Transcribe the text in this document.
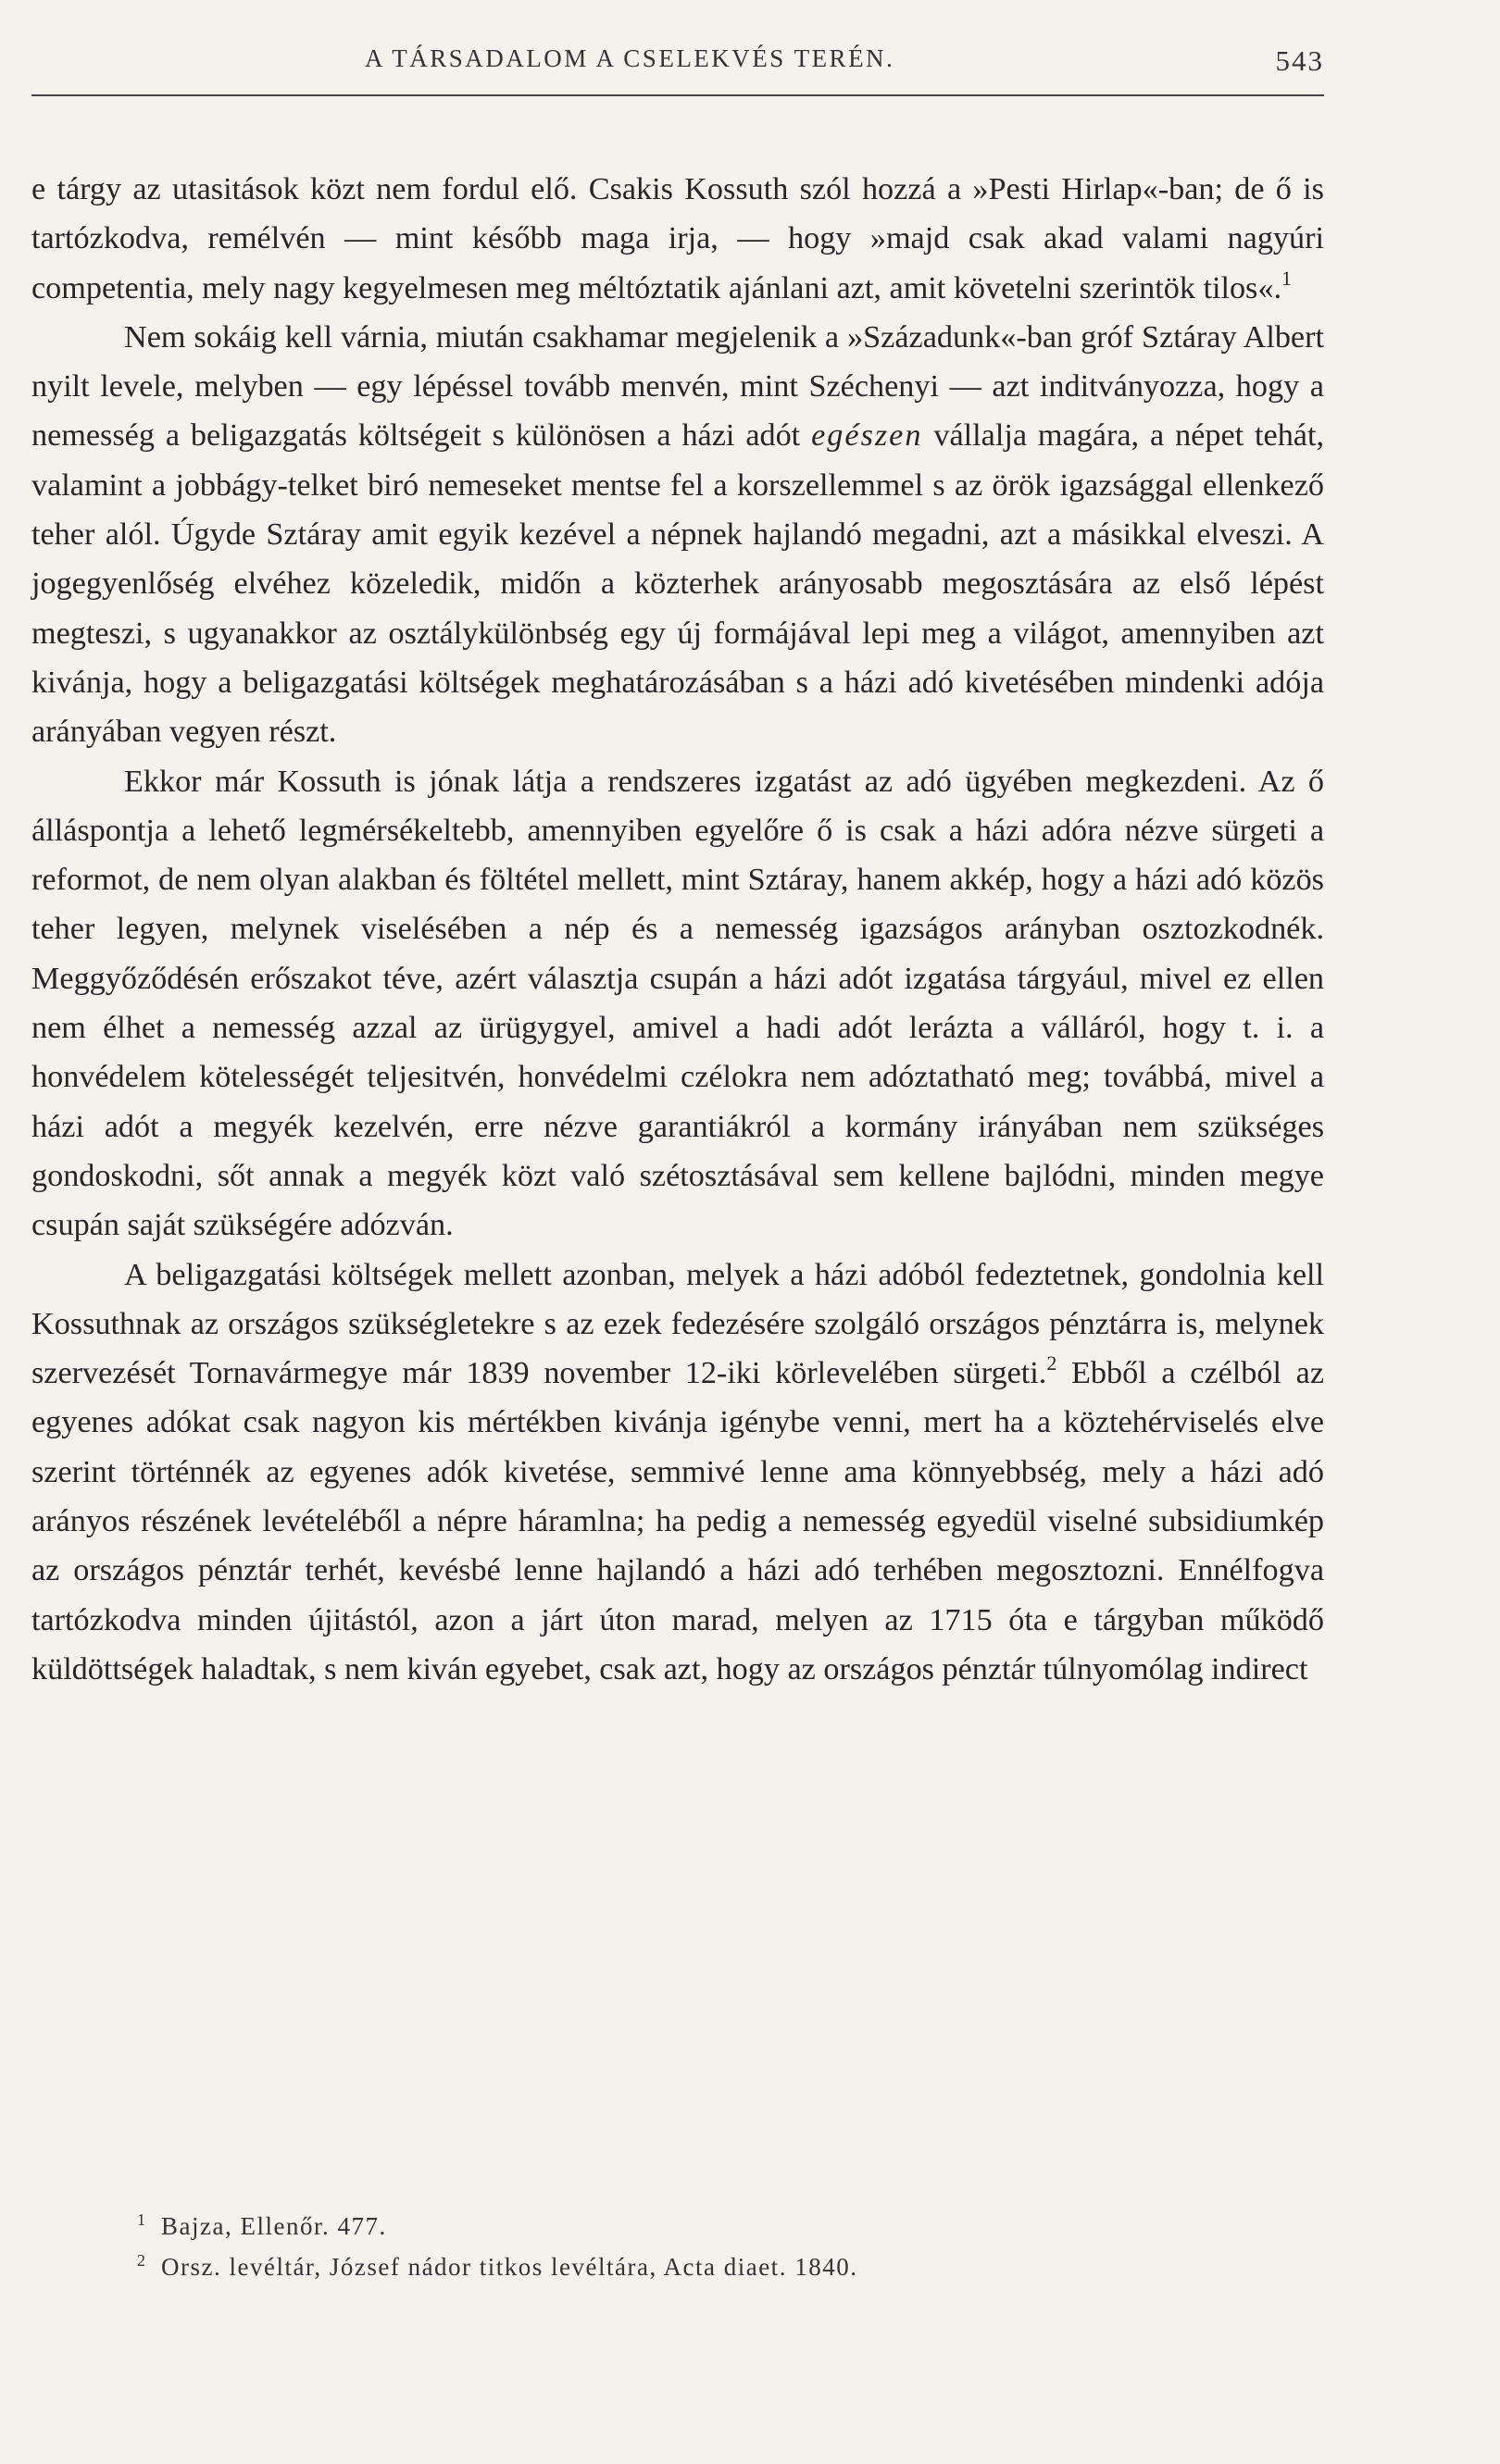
A TÁRSADALOM A CSELEKVÉS TERÉN.	543

e tárgy az utasitások közt nem fordul elő. Csakis Kossuth szól hozzá a »Pesti Hirlap«-ban; de ő is tartózkodva, remélvén — mint később maga irja, — hogy »majd csak akad valami nagyúri competentia, mely nagy kegyelmesen meg méltóztatik ajánlani azt, amit követelni szerintök tilos«.$^1$

Nem sokáig kell várnia, miután csakhamar megjelenik a »Századunk«-ban gróf Sztáray Albert nyilt levele, melyben — egy lépéssel tovább menvén, mint Széchenyi — azt inditványozza, hogy a nemesség a beligazgatás költségeit s különösen a házi adót egészen vállalja magára, a népet tehát, valamint a jobbágy-telket biró nemeseket mentse fel a korszellemmel s az örök igazsággal ellenkező teher alól. Úgyde Sztáray amit egyik kezével a népnek hajlandó megadni, azt a másikkal elveszi. A jogegyenlőség elvéhez közeledik, midőn a közterhek arányosabb megosztására az első lépést megteszi, s ugyanakkor az osztálykülönbség egy új formájával lepi meg a világot, amennyiben azt kivánja, hogy a beligazgatási költségek meghatározásában s a házi adó kivetésében mindenki adója arányában vegyen részt.

Ekkor már Kossuth is jónak látja a rendszeres izgatást az adó ügyében megkezdeni. Az ő álláspontja a lehető legmérsékeltebb, amennyiben egyelőre ő is csak a házi adóra nézve sürgeti a reformot, de nem olyan alakban és föltétel mellett, mint Sztáray, hanem akkép, hogy a házi adó közös teher legyen, melynek viselésében a nép és a nemesség igazságos arányban osztozkodnék. Meggyőződésén erőszakot téve, azért választja csupán a házi adót izgatása tárgyául, mivel ez ellen nem élhet a nemesség azzal az ürügygyel, amivel a hadi adót lerázta a válláról, hogy t. i. a honvédelem kötelességét teljesitvén, honvédelmi czélokra nem adóztatható meg; továbbá, mivel a házi adót a megyék kezelvén, erre nézve garantiákról a kormány irányában nem szükséges gondoskodni, sőt annak a megyék közt való szétosztásával sem kellene bajlódni, minden megye csupán saját szükségére adózván.

A beligazgatási költségek mellett azonban, melyek a házi adóból fedeztetnek, gondolnia kell Kossuthnak az országos szükségletekre s az ezek fedezésére szolgáló országos pénztárra is, melynek szervezését Tornavármegye már 1839 november 12-iki körlevelében sürgeti.$^2$ Ebből a czélból az egyenes adókat csak nagyon kis mértékben kivánja igénybe venni, mert ha a köztehérviselés elve szerint történnék az egyenes adók kivetése, semmivé lenne ama könnyebbség, mely a házi adó arányos részének levételéből a népre háramlna; ha pedig a nemesség egyedül viselné subsidiumkép az országos pénztár terhét, kevésbé lenne hajlandó a házi adó terhében megosztozni. Ennélfogva tartózkodva minden újitástól, azon a járt úton marad, melyen az 1715 óta e tárgyban működő küldöttségek haladtak, s nem kiván egyebet, csak azt, hogy az országos pénztár túlnyomólag indirect

1 Bajza, Ellenőr. 477.
2 Orsz. levéltár, József nádor titkos levéltára, Acta diaet. 1840.
